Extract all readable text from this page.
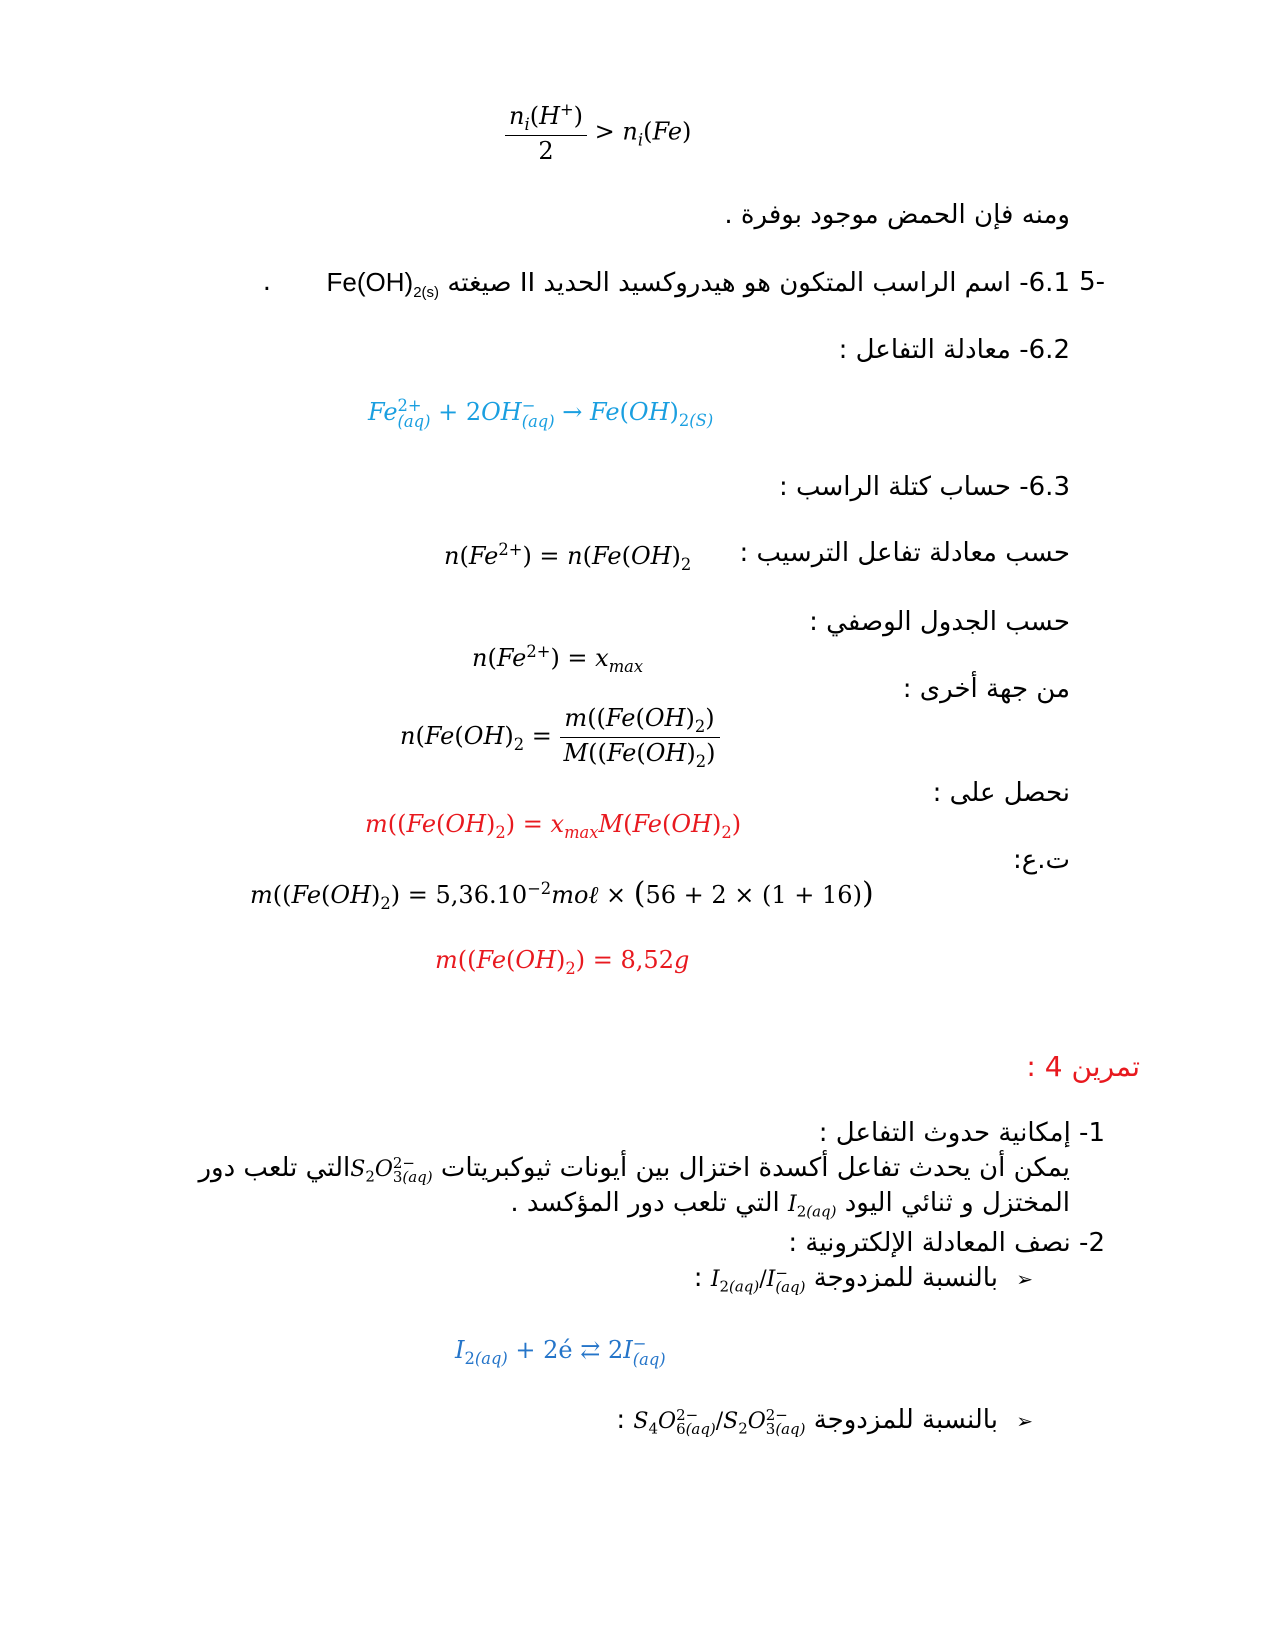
$\frac{n_i(H^+)}{2} > n_i(Fe)$
ومنه فإن الحمض موجود بوفرة .
-5
6.1- اسم الراسب المتكون هو هيدروكسيد الحديد II صيغته $Fe(OH)_{2(s)}$
.
6.2- معادلة التفاعل :
Fe 2+
(aq) + 2OH −
$(aq) \to Fe(OH)_{2(S)}$
6.3- حساب كتلة الراسب :
حسب معادلة تفاعل الترسيب :
$n(Fe^{2+}) = n(Fe(OH)_2$
حسب الجدول الوصفي :
$n(Fe^{2+}) = x_{max}$
من جهة أخرى :
$n(Fe(OH)_2 = \frac{m((Fe(OH)_2)}{M((Fe(OH)_2)}$
نحصل على :
$m((Fe(OH)_2) = x_{max}M(Fe(OH)_2)$
ت.ع:
$m((Fe(OH)_2)$ = $5,36.10^{-2}mo\ell \times (56 + 2 \times (1 + 16))$
$m((Fe(OH)_2) = 8,52g$
تمرين 4 :
1- إمكانية حدوث التفاعل :
يمكن أن يحدث تفاعل أكسدة اختزال بين أيونات ثيوكبريتات $S_2O$ 2−
3(aq)
التي تلعب دور
المختزل و ثنائي اليود $I_{2(aq)}$ التي تلعب دور المؤكسد .
2- نصف المعادلة الإلكترونية :
➢ بالنسبة للمزدوجة $I_{2(aq)}/I$ −
(aq)
:
$I_{2(aq)}$ + 2é ⇄ 2I −
(aq)
➢ بالنسبة للمزدوجة $S_4O$ 2−
6(aq) $/S_2O$ 2−
3(aq)
:
